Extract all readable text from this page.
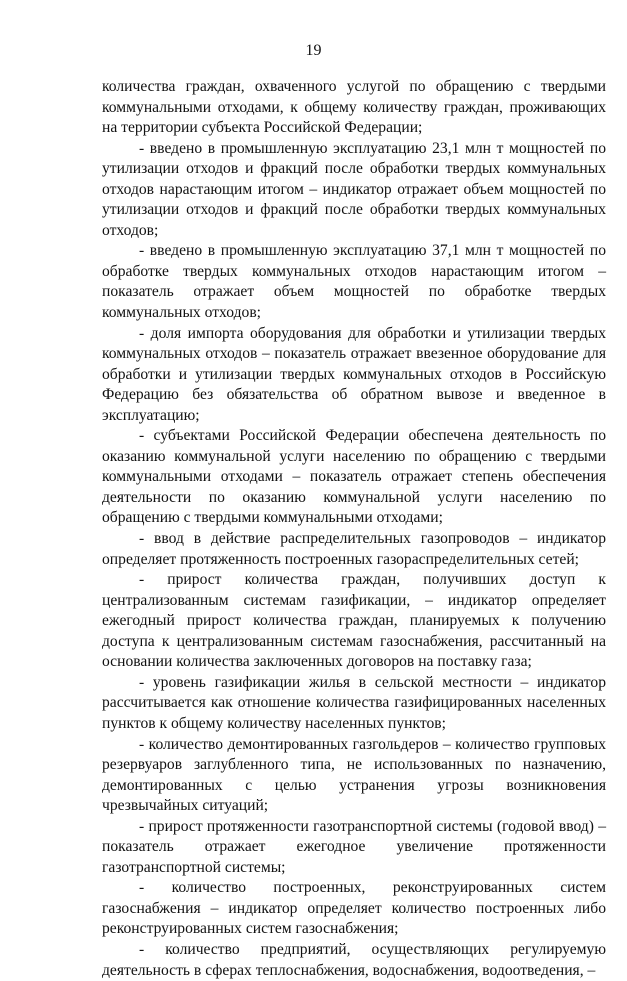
19

количества граждан, охваченного услугой по обращению с твердыми коммунальными отходами, к общему количеству граждан, проживающих на территории субъекта Российской Федерации;

- введено в промышленную эксплуатацию 23,1 млн т мощностей по утилизации отходов и фракций после обработки твердых коммунальных отходов нарастающим итогом – индикатор отражает объем мощностей по утилизации отходов и фракций после обработки твердых коммунальных отходов;

- введено в промышленную эксплуатацию 37,1 млн т мощностей по обработке твердых коммунальных отходов нарастающим итогом – показатель отражает объем мощностей по обработке твердых коммунальных отходов;

- доля импорта оборудования для обработки и утилизации твердых коммунальных отходов – показатель отражает ввезенное оборудование для обработки и утилизации твердых коммунальных отходов в Российскую Федерацию без обязательства об обратном вывозе и введенное в эксплуатацию;

- субъектами Российской Федерации обеспечена деятельность по оказанию коммунальной услуги населению по обращению с твердыми коммунальными отходами – показатель отражает степень обеспечения деятельности по оказанию коммунальной услуги населению по обращению с твердыми коммунальными отходами;

- ввод в действие распределительных газопроводов – индикатор определяет протяженность построенных газораспределительных сетей;

- прирост количества граждан, получивших доступ к централизованным системам газификации, – индикатор определяет ежегодный прирост количества граждан, планируемых к получению доступа к централизованным системам газоснабжения, рассчитанный на основании количества заключенных договоров на поставку газа;

- уровень газификации жилья в сельской местности – индикатор рассчитывается как отношение количества газифицированных населенных пунктов к общему количеству населенных пунктов;

- количество демонтированных газгольдеров – количество групповых резервуаров заглубленного типа, не использованных по назначению, демонтированных с целью устранения угрозы возникновения чрезвычайных ситуаций;

- прирост протяженности газотранспортной системы (годовой ввод) – показатель отражает ежегодное увеличение протяженности газотранспортной системы;

- количество построенных, реконструированных систем газоснабжения – индикатор определяет количество построенных либо реконструированных систем газоснабжения;

- количество предприятий, осуществляющих регулируемую деятельность в сферах теплоснабжения, водоснабжения, водоотведения, –
